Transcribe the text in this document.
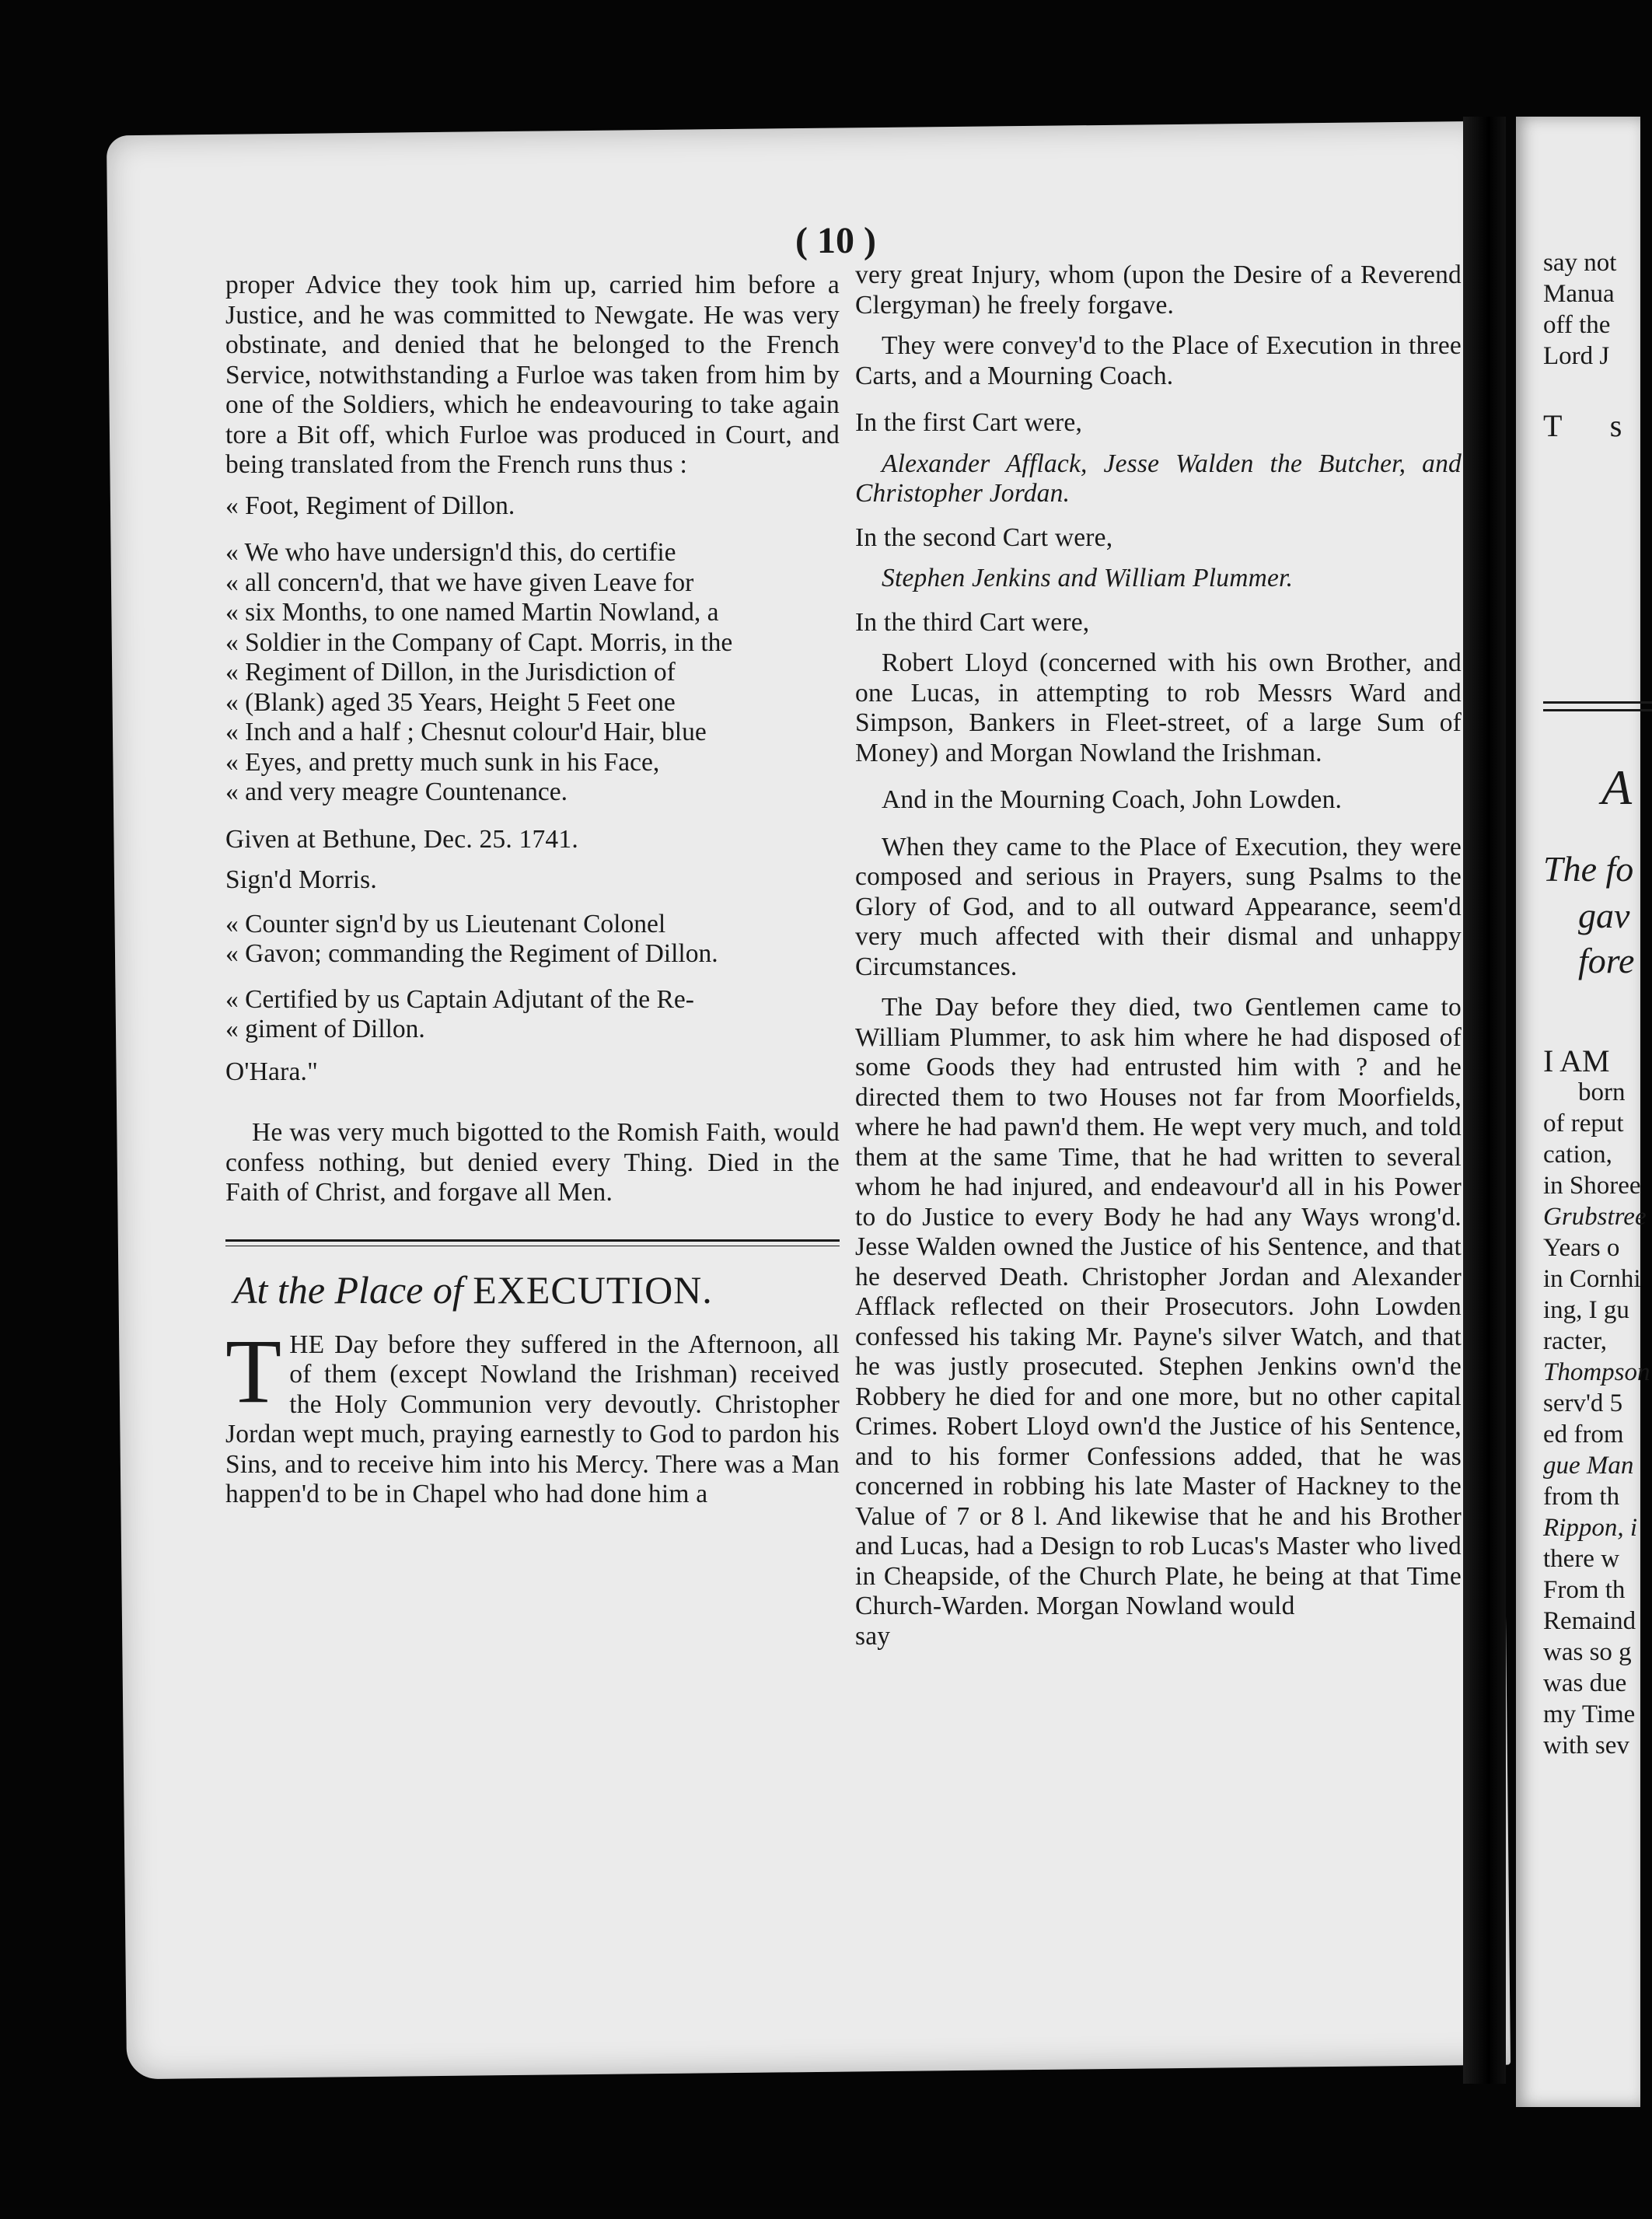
( 10 )

proper Advice they took him up, carried him before a Justice, and he was committed to Newgate. He was very obstinate, and denied that he belonged to the French Service, notwithstanding a Furloe was taken from him by one of the Soldiers, which he endeavouring to take again tore a Bit off, which Furloe was produced in Court, and being translated from the French runs thus :

« Foot, Regiment of Dillon.
« We who have undersign'd this, do certifie
« all concern'd, that we have given Leave for
« six Months, to one named Martin Nowland, a
« Soldier in the Company of Capt. Morris, in the
« Regiment of Dillon, in the Jurisdiction of
« (Blank) aged 35 Years, Height 5 Feet one
« Inch and a half ; Chesnut colour'd Hair, blue
« Eyes, and pretty much sunk in his Face,
« and very meagre Countenance.

Given at Bethune, Dec. 25. 1741.

Sign'd Morris.

« Counter sign'd by us Lieutenant Colonel
« Gavon; commanding the Regiment of Dillon.
« Certified by us Captain Adjutant of the Re-
« giment of Dillon.

O'Hara."

He was very much bigotted to the Romish Faith, would confess nothing, but denied every Thing. Died in the Faith of Christ, and forgave all Men.

At the Place of EXECUTION.

THE Day before they suffered in the Afternoon, all of them (except Nowland the Irishman) received the Holy Communion very devoutly. Christopher Jordan wept much, praying earnestly to God to pardon his Sins, and to receive him into his Mercy. There was a Man happen'd to be in Chapel who had done him a

very great Injury, whom (upon the Desire of a Reverend Clergyman) he freely forgave.

They were convey'd to the Place of Execution in three Carts, and a Mourning Coach.

In the first Cart were,

Alexander Afflack, Jesse Walden the Butcher, and Christopher Jordan.

In the second Cart were,

Stephen Jenkins and William Plummer.

In the third Cart were,

Robert Lloyd (concerned with his own Brother, and one Lucas, in attempting to rob Messrs Ward and Simpson, Bankers in Fleet-street, of a large Sum of Money) and Morgan Nowland the Irishman.

And in the Mourning Coach, John Lowden.

When they came to the Place of Execution, they were composed and serious in Prayers, sung Psalms to the Glory of God, and to all outward Appearance, seem'd very much affected with their dismal and unhappy Circumstances.

The Day before they died, two Gentlemen came to William Plummer, to ask him where he had disposed of some Goods they had entrusted him with ? and he directed them to two Houses not far from Moorfields, where he had pawn'd them. He wept very much, and told them at the same Time, that he had written to several whom he had injured, and endeavour'd all in his Power to do Justice to every Body he had any Ways wrong'd. Jesse Walden owned the Justice of his Sentence, and that he deserved Death. Christopher Jordan and Alexander Afflack reflected on their Prosecutors. John Lowden confessed his taking Mr. Payne's silver Watch, and that he was justly prosecuted. Stephen Jenkins own'd the Robbery he died for and one more, but no other capital Crimes. Robert Lloyd own'd the Justice of his Sentence, and to his former Confessions added, that he was concerned in robbing his late Master of Hackney to the Value of 7 or 8 l. And likewise that he and his Brother and Lucas, had a Design to rob Lucas's Master who lived in Cheapside, of the Church Plate, he being at that Time Church-Warden. Morgan Nowland would

say

say not
Manua
off the
Lord J
T s
A
The fo
gav
fore
I AM
born
of reput
cation,
in Shoree
Grubstree
Years o
in Cornhi
ing, I gu
racter,
Thompson
serv'd 5
ed from
gue Man
from th
Rippon, i
there w
From th
Remaind
was so g
was due
my Time
with sev
